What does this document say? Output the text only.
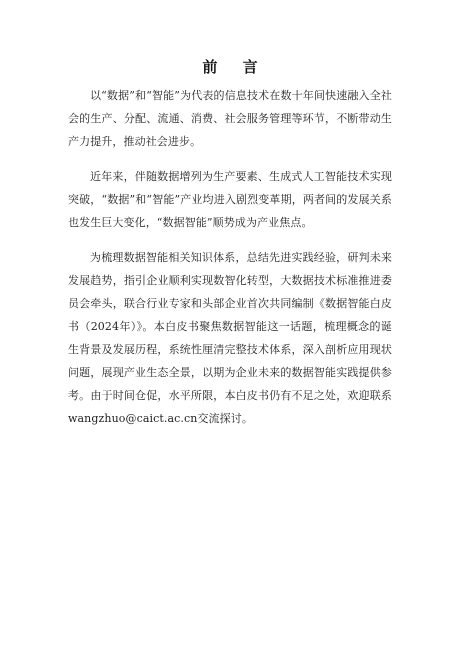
前 言

以“数据”和“智能”为代表的信息技术在数十年间快速融入全社会的生产、分配、流通、消费、社会服务管理等环节，不断带动生产力提升，推动社会进步。

近年来，伴随数据增列为生产要素、生成式人工智能技术实现突破，“数据”和“智能”产业均进入剧烈变革期，两者间的发展关系也发生巨大变化，“数据智能”顺势成为产业焦点。

为梳理数据智能相关知识体系，总结先进实践经验，研判未来发展趋势，指引企业顺利实现数智化转型，大数据技术标准推进委员会牵头，联合行业专家和头部企业首次共同编制《数据智能白皮书（2024年）》。本白皮书聚焦数据智能这一话题，梳理概念的诞生背景及发展历程，系统性厘清完整技术体系，深入剖析应用现状问题，展现产业生态全景，以期为企业未来的数据智能实践提供参考。由于时间仓促，水平所限，本白皮书仍有不足之处，欢迎联系 wangzhuo@caict.ac.cn交流探讨。
